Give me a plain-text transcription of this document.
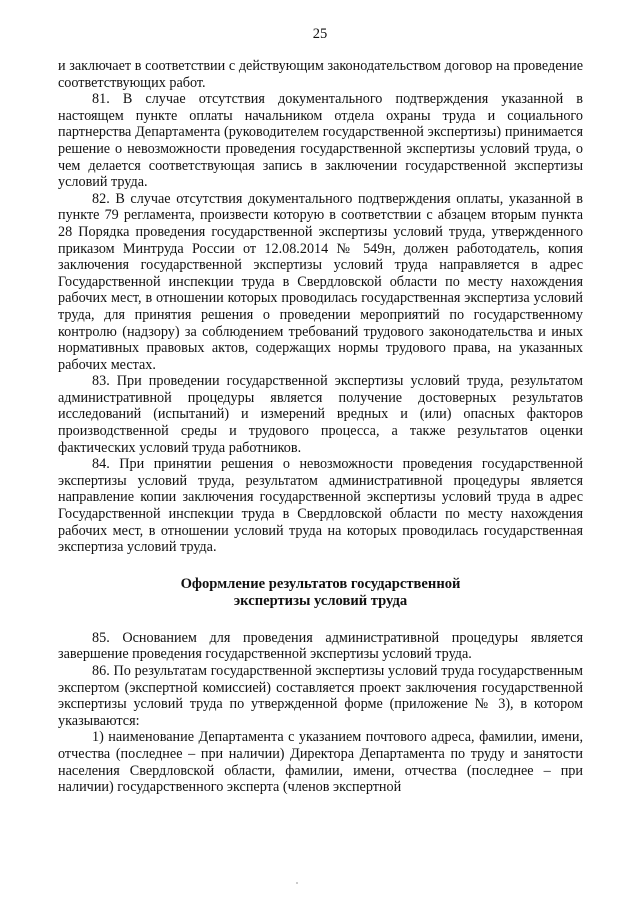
25

и заключает в соответствии с действующим законодательством договор на проведение соответствующих работ.

81. В случае отсутствия документального подтверждения указанной в настоящем пункте оплаты начальником отдела охраны труда и социального партнерства Департамента (руководителем государственной экспертизы) принимается решение о невозможности проведения государственной экспертизы условий труда, о чем делается соответствующая запись в заключении государственной экспертизы условий труда.

82. В случае отсутствия документального подтверждения оплаты, указанной в пункте 79 регламента, произвести которую в соответствии с абзацем вторым пункта 28 Порядка проведения государственной экспертизы условий труда, утвержденного приказом Минтруда России от 12.08.2014 № 549н, должен работодатель, копия заключения государственной экспертизы условий труда направляется в адрес Государственной инспекции труда в Свердловской области по месту нахождения рабочих мест, в отношении которых проводилась государственная экспертиза условий труда, для принятия решения о проведении мероприятий по государственному контролю (надзору) за соблюдением требований трудового законодательства и иных нормативных правовых актов, содержащих нормы трудового права, на указанных рабочих местах.

83. При проведении государственной экспертизы условий труда, результатом административной процедуры является получение достоверных результатов исследований (испытаний) и измерений вредных и (или) опасных факторов производственной среды и трудового процесса, а также результатов оценки фактических условий труда работников.

84. При принятии решения о невозможности проведения государственной экспертизы условий труда, результатом административной процедуры является направление копии заключения государственной экспертизы условий труда в адрес Государственной инспекции труда в Свердловской области по месту нахождения рабочих мест, в отношении условий труда на которых проводилась государственная экспертиза условий труда.

Оформление результатов государственной

экспертизы условий труда

85. Основанием для проведения административной процедуры является завершение проведения государственной экспертизы условий труда.

86. По результатам государственной экспертизы условий труда государственным экспертом (экспертной комиссией) составляется проект заключения государственной экспертизы условий труда по утвержденной форме (приложение № 3), в котором указываются:

1) наименование Департамента с указанием почтового адреса, фамилии, имени, отчества (последнее – при наличии) Директора Департамента по труду и занятости населения Свердловской области, фамилии, имени, отчества (последнее – при наличии) государственного эксперта (членов экспертной
